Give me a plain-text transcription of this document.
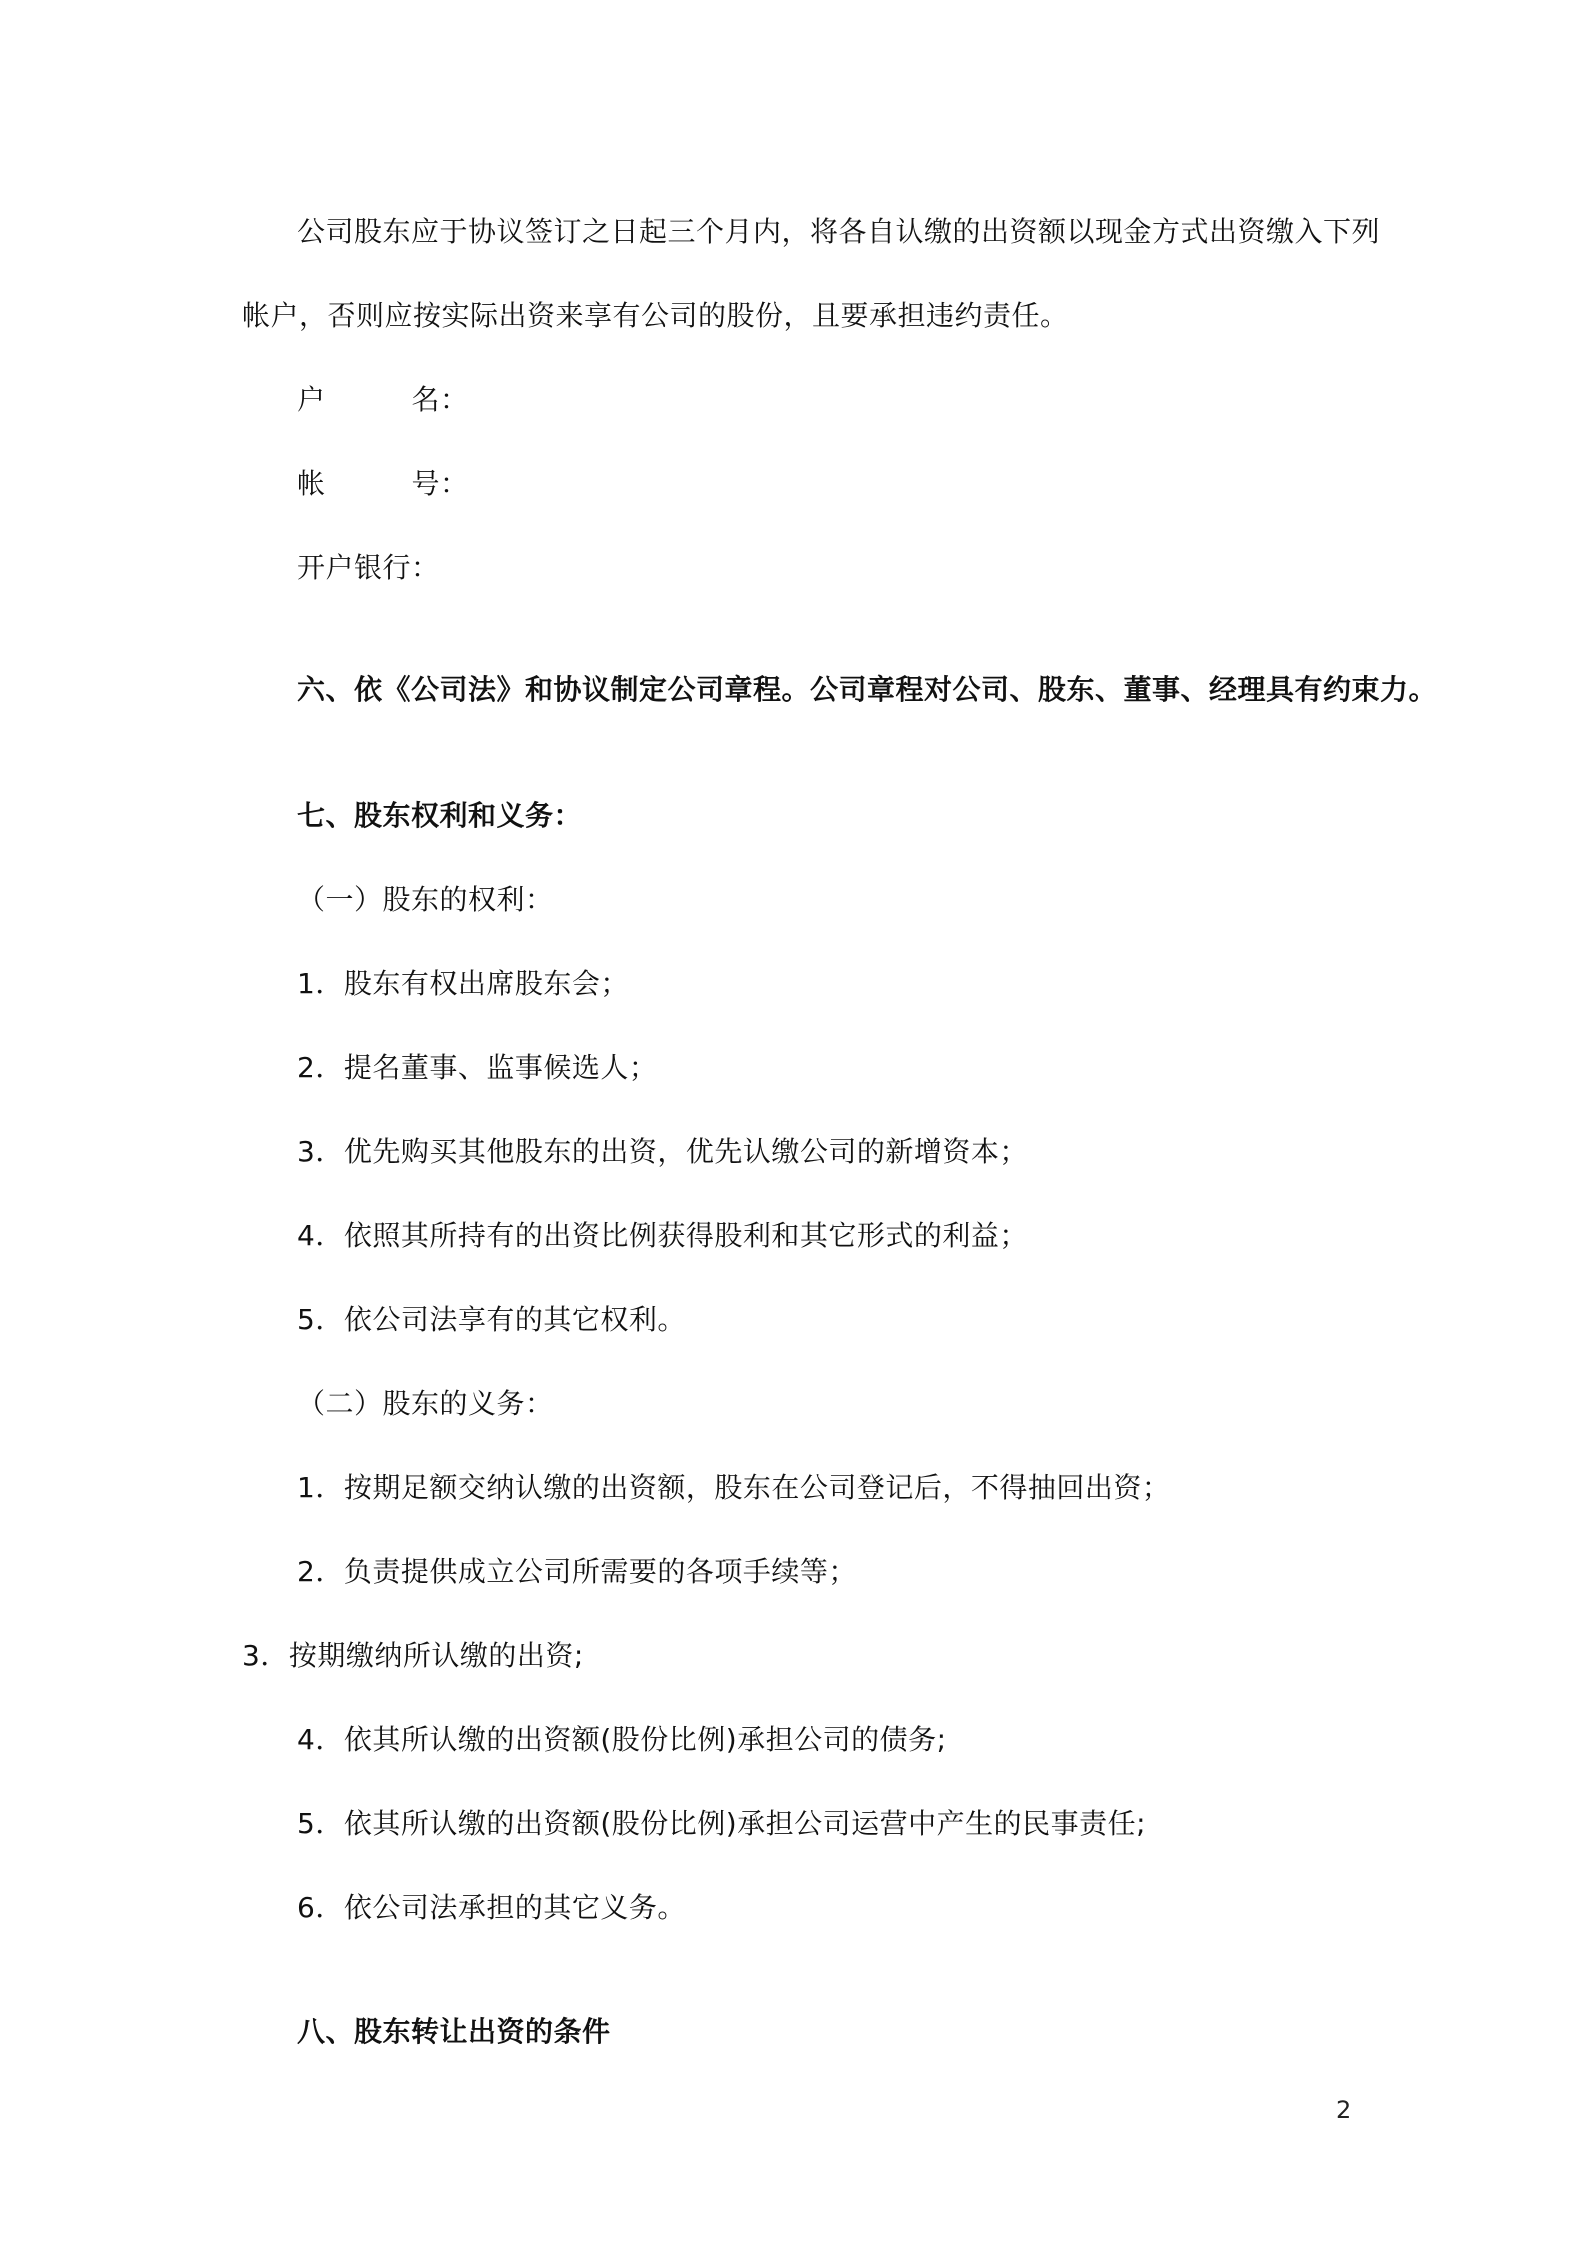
公司股东应于协议签订之日起三个月内，将各自认缴的出资额以现金方式出资缴入下列
帐户，否则应按实际出资来享有公司的股份，且要承担违约责任。
户	名：
帐	号：
开户银行：
六、依《公司法》和协议制定公司章程。公司章程对公司、股东、董事、经理具有约束力。
七、股东权利和义务：
（一）股东的权利：
1．股东有权出席股东会；
2．提名董事、监事候选人；
3．优先购买其他股东的出资，优先认缴公司的新增资本；
4．依照其所持有的出资比例获得股利和其它形式的利益；
5．依公司法享有的其它权利。
（二）股东的义务：
1．按期足额交纳认缴的出资额，股东在公司登记后，不得抽回出资；
2．负责提供成立公司所需要的各项手续等；
3．按期缴纳所认缴的出资;
4．依其所认缴的出资额(股份比例)承担公司的债务;
5．依其所认缴的出资额(股份比例)承担公司运营中产生的民事责任;
6．依公司法承担的其它义务。
八、股东转让出资的条件
2
